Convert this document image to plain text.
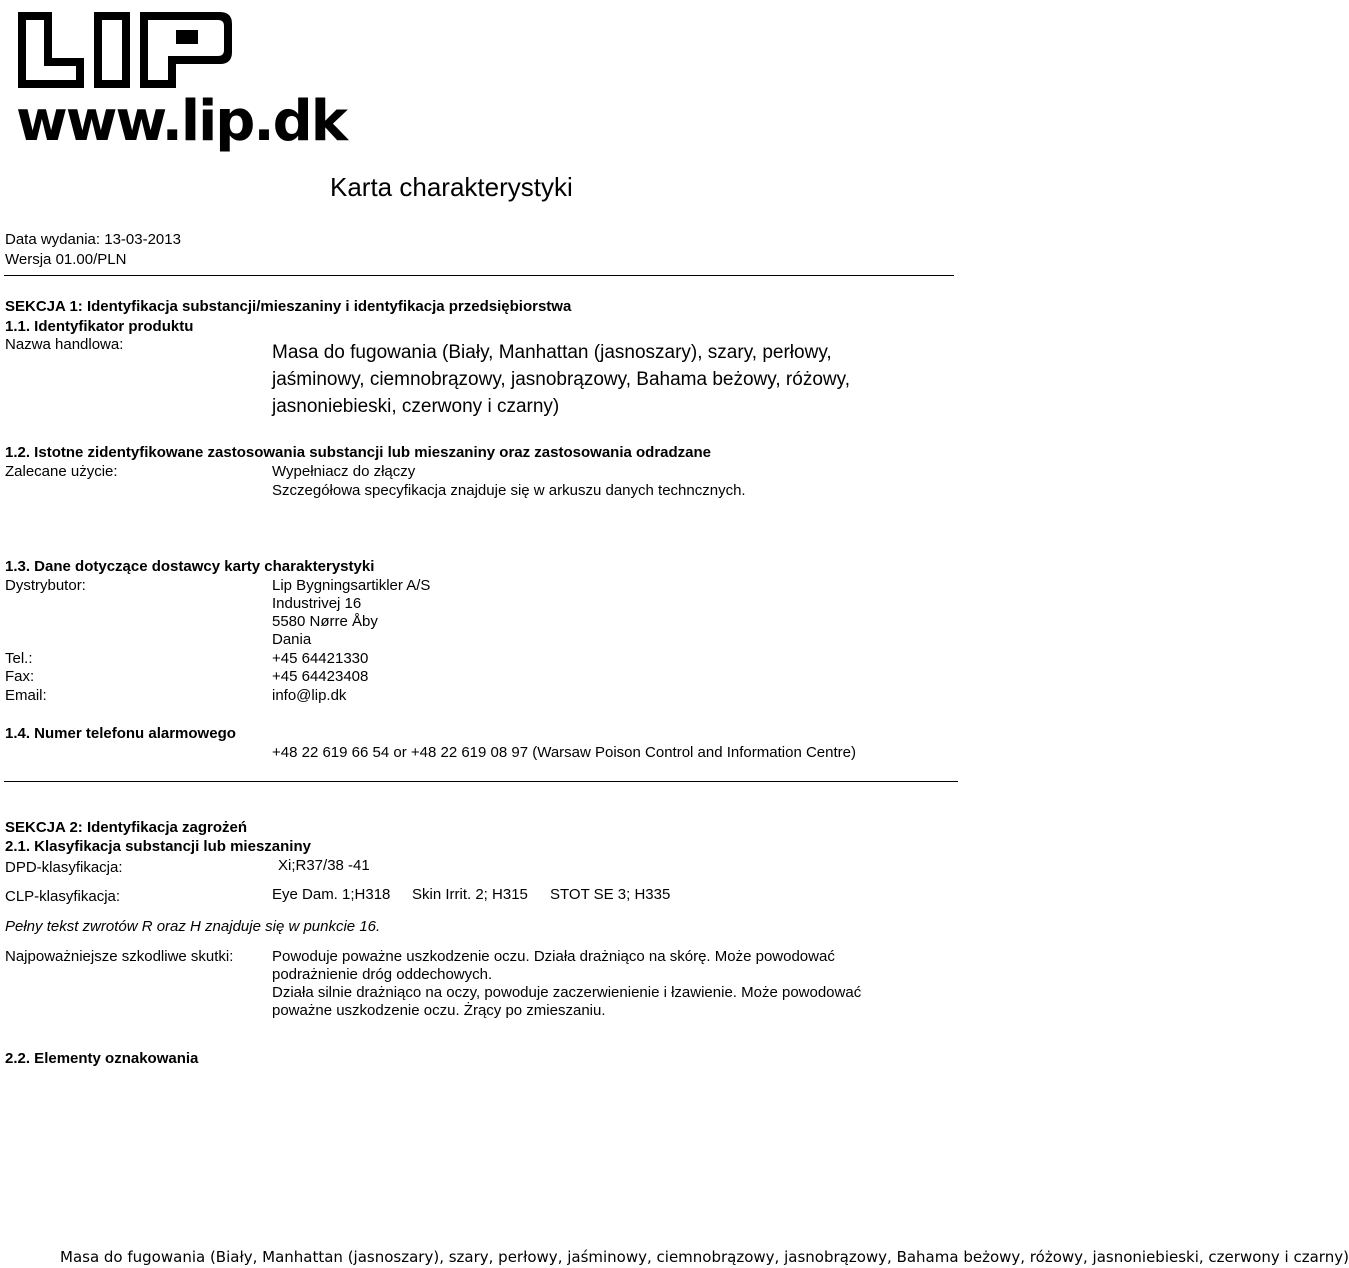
www.lip.dk
Karta charakterystyki
Data wydania: 13-03-2013
Wersja 01.00/PLN
SEKCJA 1: Identyfikacja substancji/mieszaniny i identyfikacja przedsiębiorstwa
1.1. Identyfikator produktu
Nazwa handlowa:	Masa do fugowania (Biały, Manhattan (jasnoszary), szary, perłowy,
jaśminowy, ciemnobrązowy, jasnobrązowy, Bahama beżowy, różowy,
jasnoniebieski, czerwony i czarny)
1.2. Istotne zidentyfikowane zastosowania substancji lub mieszaniny oraz zastosowania odradzane
Zalecane użycie:	Wypełniacz do złączy
Szczegółowa specyfikacja znajduje się w arkuszu danych techncznych.
1.3. Dane dotyczące dostawcy karty charakterystyki
Dystrybutor:	Lip Bygningsartikler A/S

Industrivej 16

5580 Nørre Åby

Dania

Tel.:	+45 64421330
Fax:	+45 64423408
Email:	info@lip.dk
1.4. Numer telefonu alarmowego
+48 22 619 66 54 or +48 22 619 08 97 (Warsaw Poison Control and Information Centre)
SEKCJA 2: Identyfikacja zagrożeń
2.1. Klasyfikacja substancji lub mieszaniny
DPD-klasyfikacja:	Xi;R37/38 -41
CLP-klasyfikacja:	Eye Dam. 1;H318 Skin Irrit. 2; H315 STOT SE 3; H335
Pełny tekst zwrotów R oraz H znajduje się w punkcie 16.
Najpoważniejsze szkodliwe skutki:	Powoduje poważne uszkodzenie oczu. Działa drażniąco na skórę. Może powodować

podrażnienie dróg oddechowych.

Działa silnie drażniąco na oczy, powoduje zaczerwienienie i łzawienie. Może powodować

poważne uszkodzenie oczu. Żrący po zmieszaniu.

2.2. Elementy oznakowania
Masa do fugowania (Biały, Manhattan (jasnoszary), szary, perłowy, jaśminowy, ciemnobrązowy, jasnobrązowy, Bahama beżowy, różowy, jasnoniebieski, czerwony i czarny)
